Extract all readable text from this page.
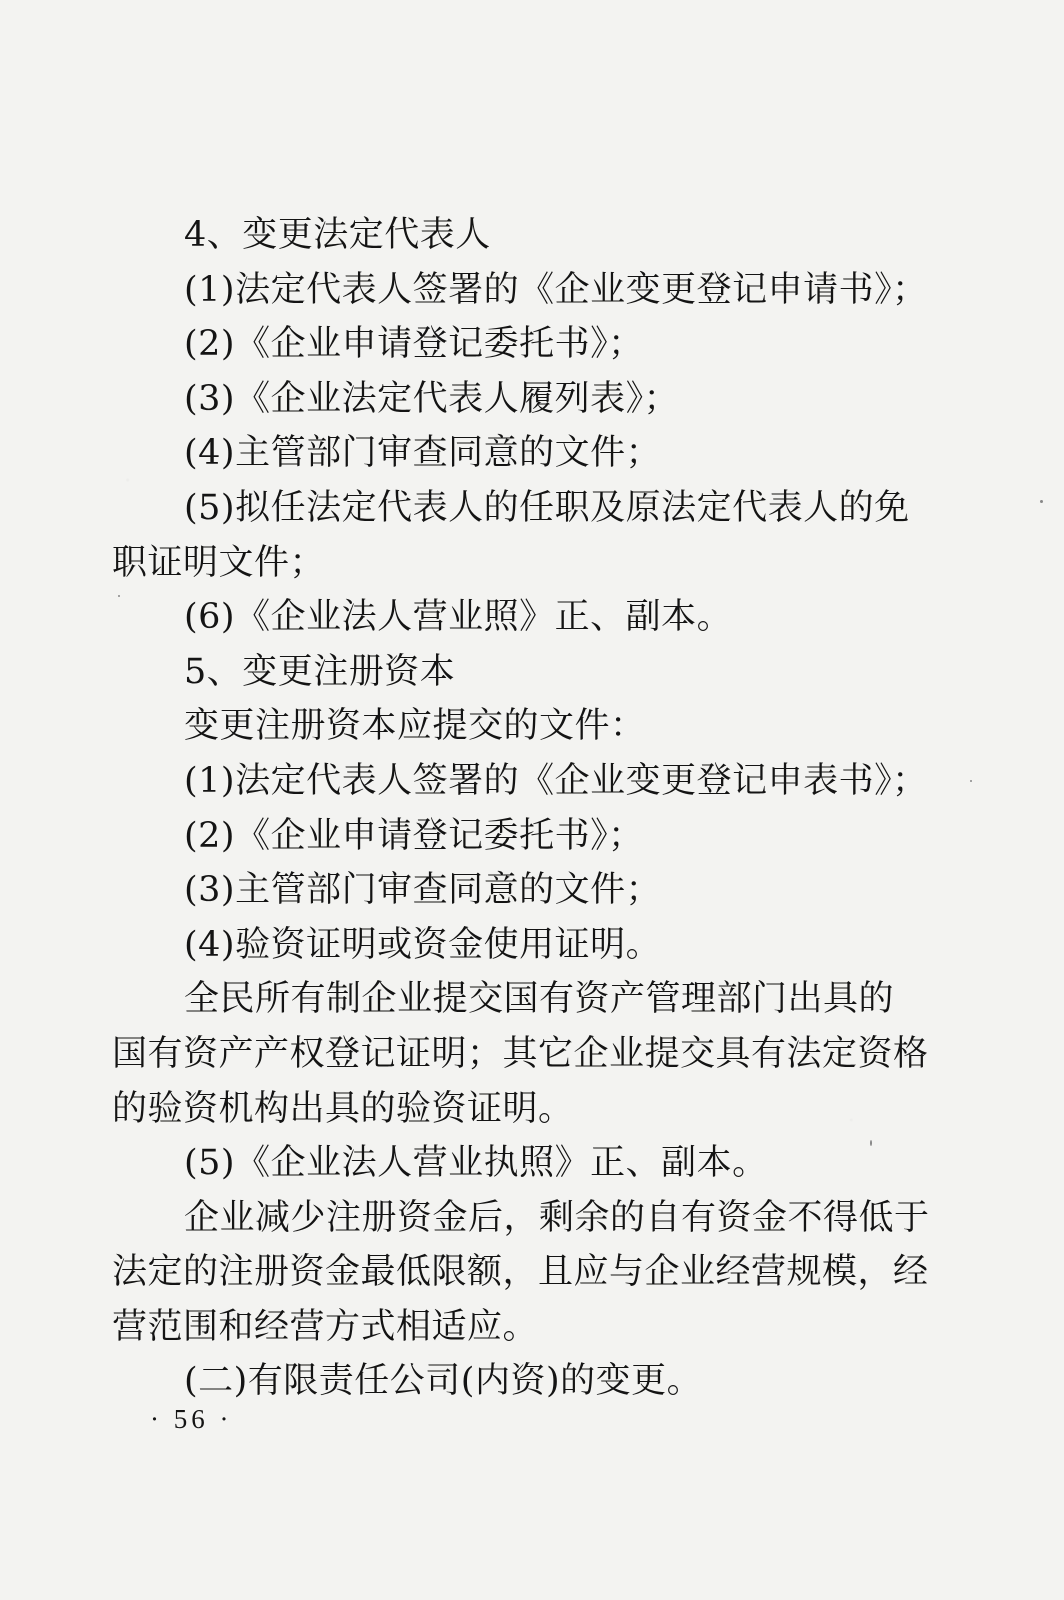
4、变更法定代表人
(1)法定代表人签署的《企业变更登记申请书》；
(2)《企业申请登记委托书》；
(3)《企业法定代表人履列表》；
(4)主管部门审查同意的文件；
(5)拟任法定代表人的任职及原法定代表人的免
职证明文件；
(6)《企业法人营业照》正、副本。
5、变更注册资本
变更注册资本应提交的文件：
(1)法定代表人签署的《企业变更登记申表书》；
(2)《企业申请登记委托书》；
(3)主管部门审查同意的文件；
(4)验资证明或资金使用证明。
全民所有制企业提交国有资产管理部门出具的
国有资产产权登记证明；其它企业提交具有法定资格
的验资机构出具的验资证明。
(5)《企业法人营业执照》正、副本。
企业减少注册资金后，剩余的自有资金不得低于
法定的注册资金最低限额，且应与企业经营规模，经
营范围和经营方式相适应。
(二)有限责任公司(内资)的变更。
· 56 ·
